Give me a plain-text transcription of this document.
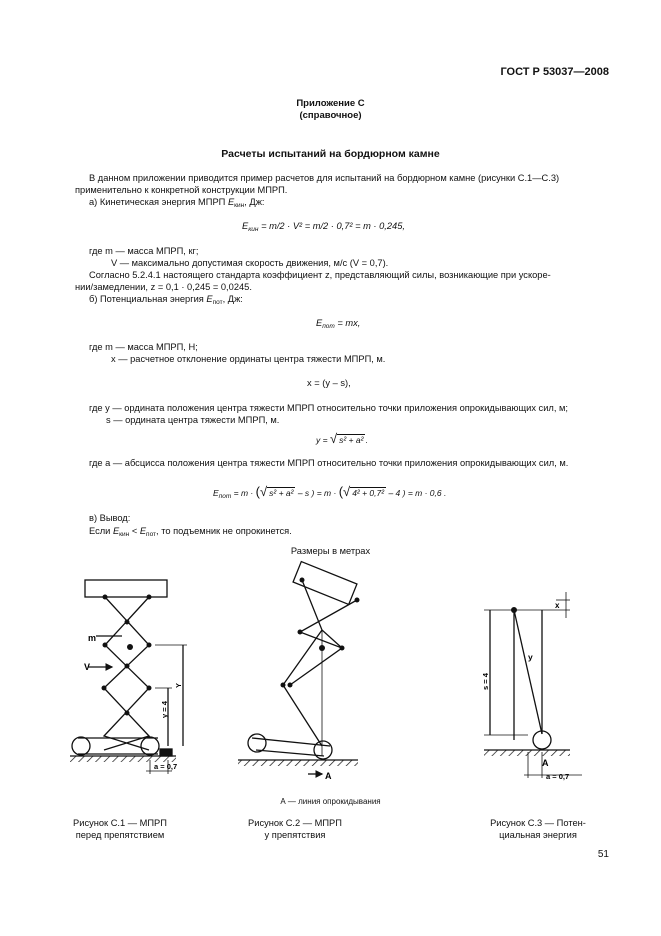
ГОСТ Р 53037—2008
Приложение С
(справочное)
Расчеты испытаний на бордюрном камне
В данном приложении приводится пример расчетов для испытаний на бордюрном камне (рисунки С.1—С.3)
применительно к конкретной конструкции МПРП.
а) Кинетическая энергия МПРП $E_{кин}$, Дж:
$E_{кин} = m/2 \cdot V^2 = m/2 \cdot 0,7^2 = m \cdot 0,245$,
где m — масса МПРП, кг;
V — максимально допустимая скорость движения, м/с (V = 0,7).
Согласно 5.2.4.1 настоящего стандарта коэффициент z, представляющий силы, возникающие при ускоре-
нии/замедлении, z = 0,1 · 0,245 = 0,0245.
б) Потенциальная энергия $E_{пот}$, Дж:
$E_{пот}$ = mx,
где m — масса МПРП, Н;
x — расчетное отклонение ординаты центра тяжести МПРП, м.
x = (y – s),
где y — ордината положения центра тяжести МПРП относительно точки приложения опрокидывающих сил, м;
s — ордината центра тяжести МПРП, м.
y = √ s² + a² .
где a — абсцисса положения центра тяжести МПРП относительно точки приложения опрокидывающих сил, м.
$E_{пот} = m$ · (√ s² + a² – s ) = m · (√ 4² + 0,7² – 4 ) = m · 0,6 .
в) Вывод:
Если $E_{кин} < E_{пот}$, то подъемник не опрокинется.
Размеры в метрах
m
V
y = 4
Y
a = 0,7
A
x
y
s = 4
A
a = 0,7
А — линия опрокидывания
Рисунок С.1 — МПРП
перед препятствием
Рисунок С.2 — МПРП
у препятствия
Рисунок С.3 — Потен-
циальная энергия
51
